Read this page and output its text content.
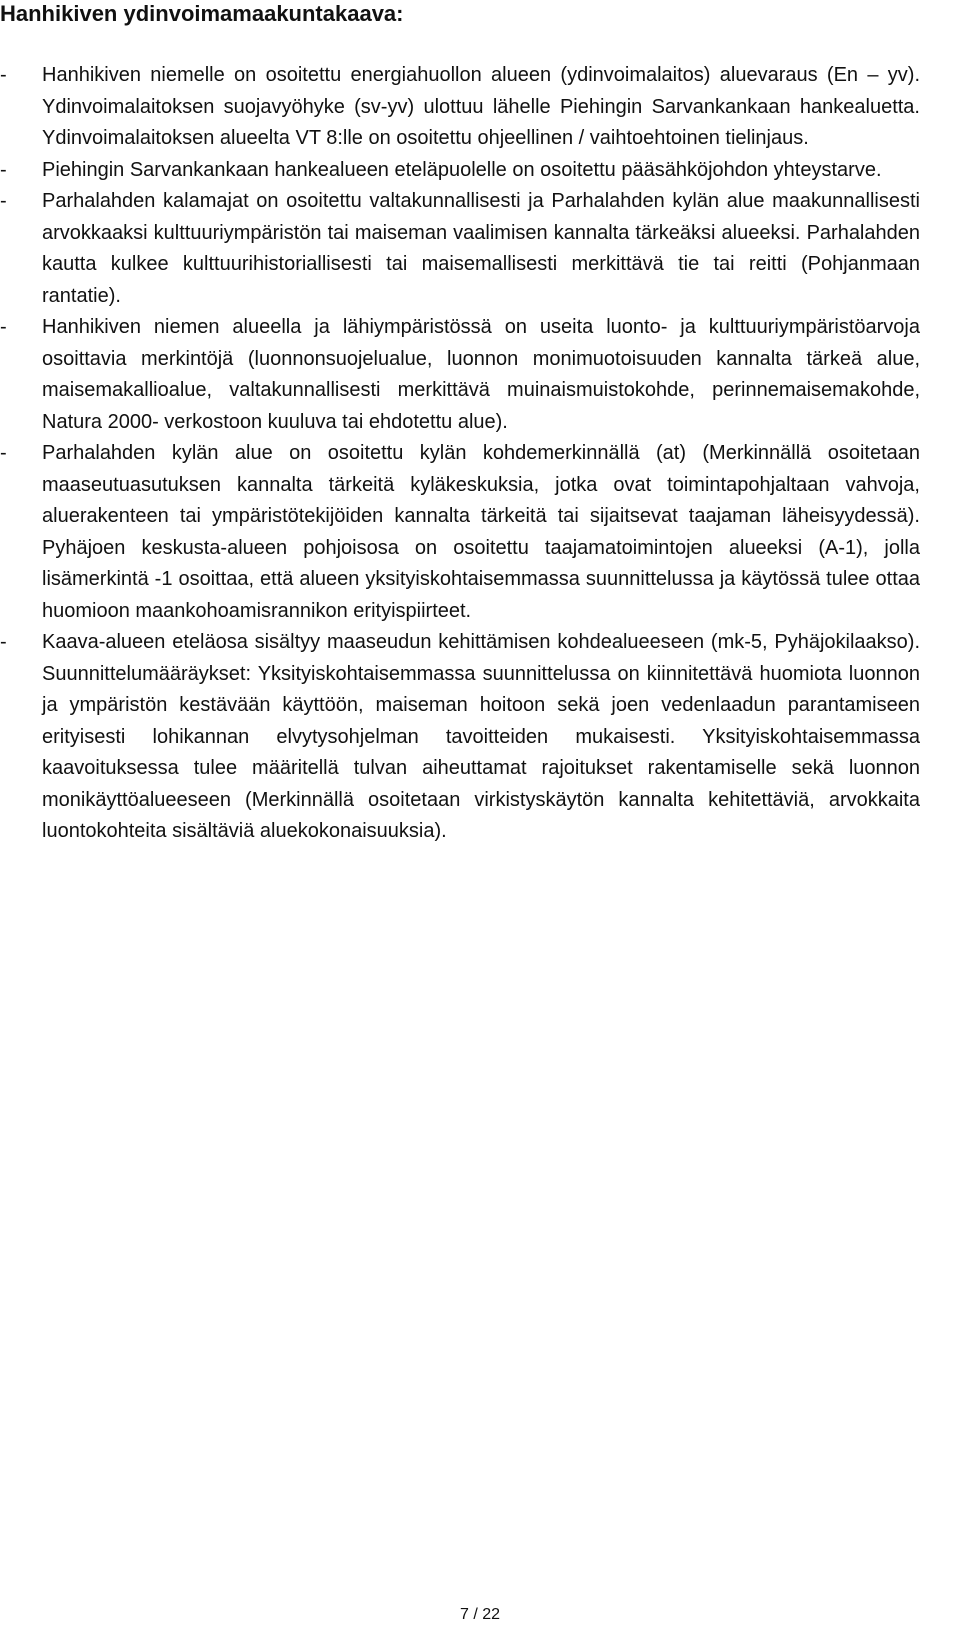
Hanhikiven ydinvoimamaakuntakaava:
-	Hanhikiven niemelle on osoitettu energiahuollon alueen (ydinvoimalaitos) aluevaraus (En – yv). Ydinvoimalaitoksen suojavyöhyke (sv-yv) ulottuu lähelle Piehingin Sarvankankaan hankealuetta. Ydinvoimalaitoksen alueelta VT 8:lle on osoitettu ohjeellinen / vaihtoehtoinen tielinjaus.
-	Piehingin Sarvankankaan hankealueen eteläpuolelle on osoitettu pääsähköjohdon yhteystarve.
-	Parhalahden kalamajat on osoitettu valtakunnallisesti ja Parhalahden kylän alue maakunnallisesti arvokkaaksi kulttuuriympäristön tai maiseman vaalimisen kannalta tärkeäksi alueeksi. Parhalahden kautta kulkee kulttuurihistoriallisesti tai maisemallisesti merkittävä tie tai reitti (Pohjanmaan rantatie).
-	Hanhikiven niemen alueella ja lähiympäristössä on useita luonto- ja kulttuuriympäristöarvoja osoittavia merkintöjä (luonnonsuojelualue, luonnon monimuotoisuuden kannalta tärkeä alue, maisemakallioalue, valtakunnallisesti merkittävä muinaismuistokohde, perinnemaisemakohde, Natura 2000- verkostoon kuuluva tai ehdotettu alue).
-	Parhalahden kylän alue on osoitettu kylän kohdemerkinnällä (at) (Merkinnällä osoitetaan maaseutuasutuksen kannalta tärkeitä kyläkeskuksia, jotka ovat toimintapohjaltaan vahvoja, aluerakenteen tai ympäristötekijöiden kannalta tärkeitä tai sijaitsevat taajaman läheisyydessä). Pyhäjoen keskusta-alueen pohjoisosa on osoitettu taajamatoimintojen alueeksi (A-1), jolla lisämerkintä -1 osoittaa, että alueen yksityiskohtaisemmassa suunnittelussa ja käytössä tulee ottaa huomioon maankohoamisrannikon erityispiirteet.
-	Kaava-alueen eteläosa sisältyy maaseudun kehittämisen kohdealueeseen (mk-5, Pyhäjokilaakso). Suunnittelumääräykset: Yksityiskohtaisemmassa suunnittelussa on kiinnitettävä huomiota luonnon ja ympäristön kestävään käyttöön, maiseman hoitoon sekä joen vedenlaadun parantamiseen erityisesti lohikannan elvytysohjelman tavoitteiden mukaisesti. Yksityiskohtaisemmassa kaavoituksessa tulee määritellä tulvan aiheuttamat rajoitukset rakentamiselle sekä luonnon monikäyttöalueeseen (Merkinnällä osoitetaan virkistyskäytön kannalta kehitettäviä, arvokkaita luontokohteita sisältäviä aluekokonaisuuksia).
7 / 22
